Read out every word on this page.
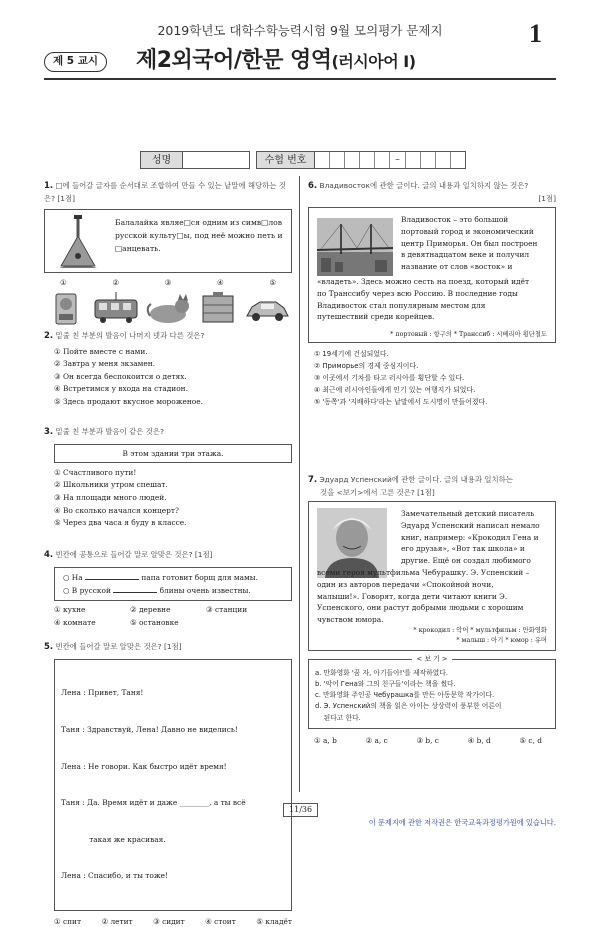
2019학년도 대학수학능력시험 9월 모의평가 문제지	1
제 5 교시	제2외국어/한문 영역(러시아어 Ⅰ)
성명	수험 번호	–
1. □에 들어갈 글자를 순서대로 조합하여 만들 수 있는 낱말에 해당하는 것은? [1점]
Балалайка являе□ся одним из симв□лов
русской культу□ы, под неё можно петь и
□анцевать.
①	②	③	④	⑤
2. 밑줄 친 부분의 발음이 나머지 넷과 다른 것은?
① Пойте вместе с нами.
② Завтра у меня экзамен.
③ Он всегда беспокоится о детях.
④ Встретимся у входа на стадион.
⑤ Здесь продают вкусное мороженое.
3. 밑줄 친 부분과 발음이 같은 것은?
В этом здании три этажа.
① Счастливого пути!
② Школьники утром спешат.
③ На площади много людей.
④ Во сколько начался концерт?
⑤ Через два часа я буду в классе.
4. 빈칸에 공통으로 들어갈 말로 알맞은 것은? [1점]
○ На	папа готовит борщ для мамы.
○ В русской	блины очень известны.
① кухне	② деревне	③ станции
④ комнате	⑤ остановке
5. 빈칸에 들어갈 말로 알맞은 것은? [1점]

Лена : Привет, Таня!

Таня : Здравствуй, Лена! Давно не виделись!

Лена : Не говори. Как быстро идёт время!

Таня : Да. Время идёт и даже ________, а ты всё

такая же красивая.

Лена : Спасибо, и ты тоже!

① спит	② летит	③ сидит	④ стоит	⑤ кладёт
6. Владивосток에 관한 글이다. 글의 내용과 일치하지 않는 것은?
[1점]
Владивосток – это большой
портовый город и экономический
центр Приморья. Он был построен
в девятнадцатом веке и получил
название от слов «восток» и
«владеть». Здесь можно сесть на поезд, который идёт
по Транссибу через всю Россию. В последние годы
Владивосток стал популярным местом для
путешествий среди корейцев.
* портовый : 항구의 * Транссиб : 시베리아 횡단철도
① 19세기에 건설되었다.
② Приморье의 경제 중심지이다.
③ 이곳에서 기차를 타고 러시아를 횡단할 수 있다.
④ 최근에 러시아인들에게 인기 있는 여행지가 되었다.
⑤ '동쪽'과 '지배하다'라는 낱말에서 도시명이 만들어졌다.
7. Эдуард Успенский에 관한 글이다. 글의 내용과 일치하는
것을 <보기>에서 고른 것은? [1점]
Замечательный детский писатель
Эдуард Успенский написал немало
книг, например: «Крокодил Гена и
его друзья», «Вот так школа» и
другие. Ещё он создал любимого
всеми героя мультфильма Чебурашку. Э. Успенский –
один из авторов передачи «Спокойной ночи,
малыши!». Говорят, когда дети читают книги Э.
Успенского, они растут добрыми людьми с хорошим
чувством юмора.
* крокодил : 악어 * мультфильм : 만화영화
* малыш : 아기 * юмор : 유머
< 보 기 >
a. 만화영화 '꿈 자, 아기들아!'를 제작하였다.
b. '악어 Гена와 그의 친구들'이라는 책을 썼다.
c. 만화영화 주인공 Чебурашка를 만든 아동문학 작가이다.
d. Э. Успенский의 책을 읽은 아이는 상상력이 풍부한 어른이
된다고 한다.
① a, b	② a, c	③ b, c	④ b, d	⑤ c, d
11/36
이 문제지에 관한 저작권은 한국교육과정평가원에 있습니다.
